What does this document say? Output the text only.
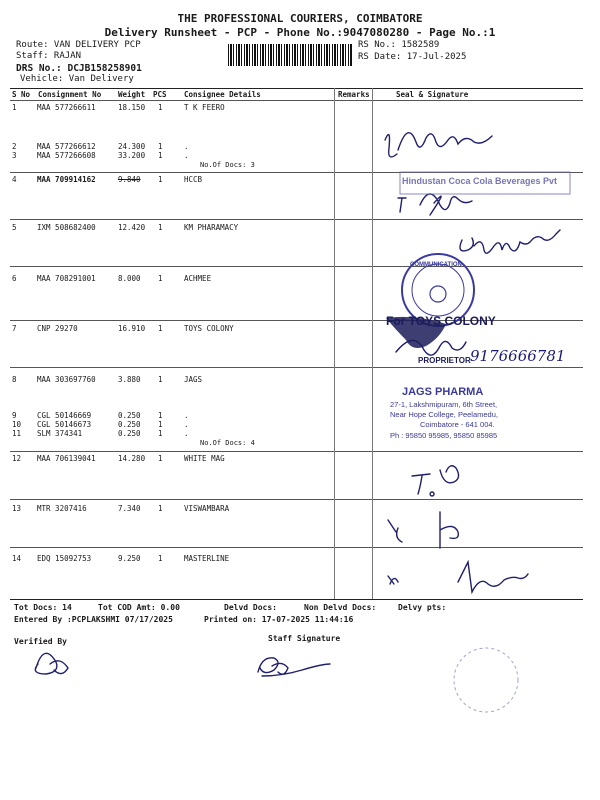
THE PROFESSIONAL COURIERS, COIMBATORE
Delivery Runsheet - PCP - Phone No.:9047080280 - Page No.:1
Route: VAN DELIVERY PCP
Staff: RAJAN
DRS No.: DCJB158258901
Vehicle: Van Delivery
RS No.: 1582589
RS Date: 17-Jul-2025
S No Consignment No Weight PCS Consignee Details	Remarks	Seal & Signature
1	MAA 577266611	18.150 1	T K FEERO
2	MAA 577266612	24.300 1	.
3	MAA 577266608	33.200 1	.
No.Of Docs: 3
4	MAA 709914162	9.840 1	HCCB
5	IXM 508682400	12.420 1	KM PHARAMACY
6	MAA 708291001	8.000 1	ACHMEE
7	CNP 29270	16.910 1	TOYS COLONY
8	MAA 303697760	3.880 1	JAGS
9	CGL 50146669	0.250 1	.
10 CGL 50146673	0.250 1	.
11 SLM 374341	0.250 1	.
No.Of Docs: 4
12 MAA 706139041	14.280 1	WHITE MAG
13 MTR 3207416	7.340 1	VISWAMBARA
14 EDQ 15092753	9.250 1	MASTERLINE
Hindustan Coca Cola Beverages Pvt
COMMUNICATION
For TOYS COLONY
PROPRIETOR 9176666781
JAGS PHARMA
27-1, Lakshmipuram, 6th Street,
Near Hope College, Peelamedu,
Coimbatore - 641 004.
Ph : 95850 95985, 95850 85985
Tot Docs: 14	Tot COD Amt: 0.00	Delvd Docs:	Non Delvd Docs:	Delvy pts:
Entered By :PCPLAKSHMI 07/17/2025	Printed on: 17-07-2025 11:44:16
Verified By	Staff Signature
